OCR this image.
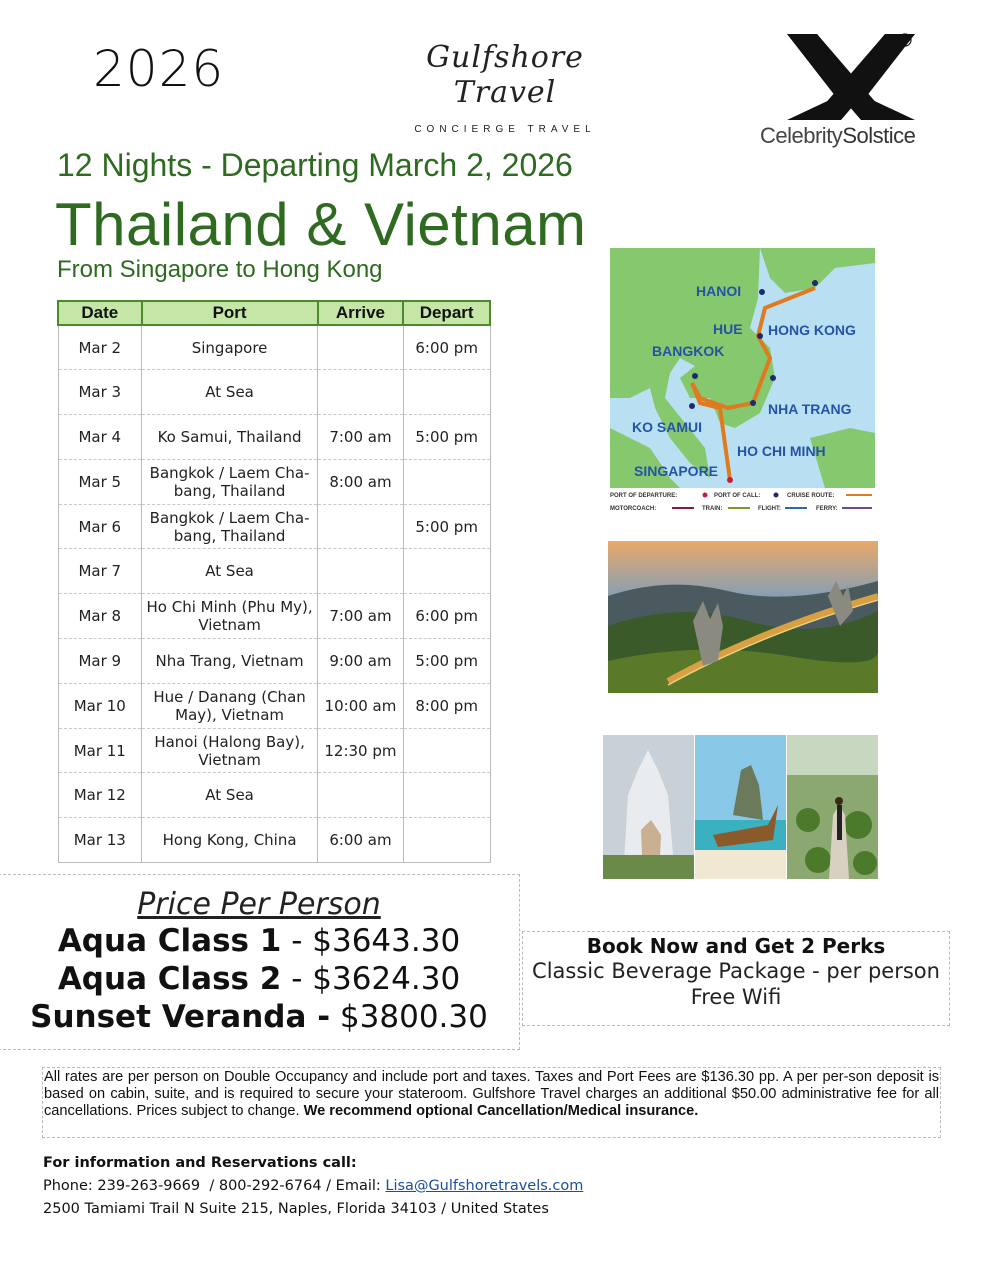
2026	Gulfshore Travel
CONCIERGE TRAVEL
R
CelebritySolstice
12 Nights - Departing March 2, 2026
Thailand & Vietnam
From Singapore to Hong Kong
Date	Port	Arrive	Depart
Mar 2	Singapore		6:00 pm
Mar 3	At Sea		
Mar 4	Ko Samui, Thailand	7:00 am	5:00 pm
Mar 5	Bangkok / Laem Cha-bang, Thailand	8:00 am	
Mar 6	Bangkok / Laem Cha-bang, Thailand		5:00 pm
Mar 7	At Sea		
Mar 8	Ho Chi Minh (Phu My), Vietnam	7:00 am	6:00 pm
Mar 9	Nha Trang, Vietnam	9:00 am	5:00 pm
Mar 10	Hue / Danang (Chan May), Vietnam	10:00 am	8:00 pm
Mar 11	Hanoi (Halong Bay), Vietnam	12:30 pm	
Mar 12	At Sea		
Mar 13	Hong Kong, China	6:00 am	
HANOI
HUE HONG KONG
BANGKOK
NHA TRANG
KO SAMUI
HO CHI MINH
SINGAPORE
PORT OF DEPARTURE:	PORT OF CALL:	CRUISE ROUTE:
MOTORCOACH:	TRAIN:	FLIGHT:	FERRY:
Price Per Person
Aqua Class 1 - $3643.30
Aqua Class 2 - $3624.30
Sunset Veranda - $3800.30
Book Now and Get 2 Perks
Classic Beverage Package - per person
Free Wifi
All rates are per person on Double Occupancy and include port and taxes. Taxes and Port Fees are $136.30 pp. A per per-son deposit is based on cabin, suite, and is required to secure your stateroom. Gulfshore Travel charges an additional $50.00 administrative fee for all cancellations. Prices subject to change. We recommend optional Cancellation/Medical insurance.
For information and Reservations call:
Phone: 239-263-9669  / 800-292-6764 / Email: Lisa@Gulfshoretravels.com
2500 Tamiami Trail N Suite 215, Naples, Florida 34103 / United States
